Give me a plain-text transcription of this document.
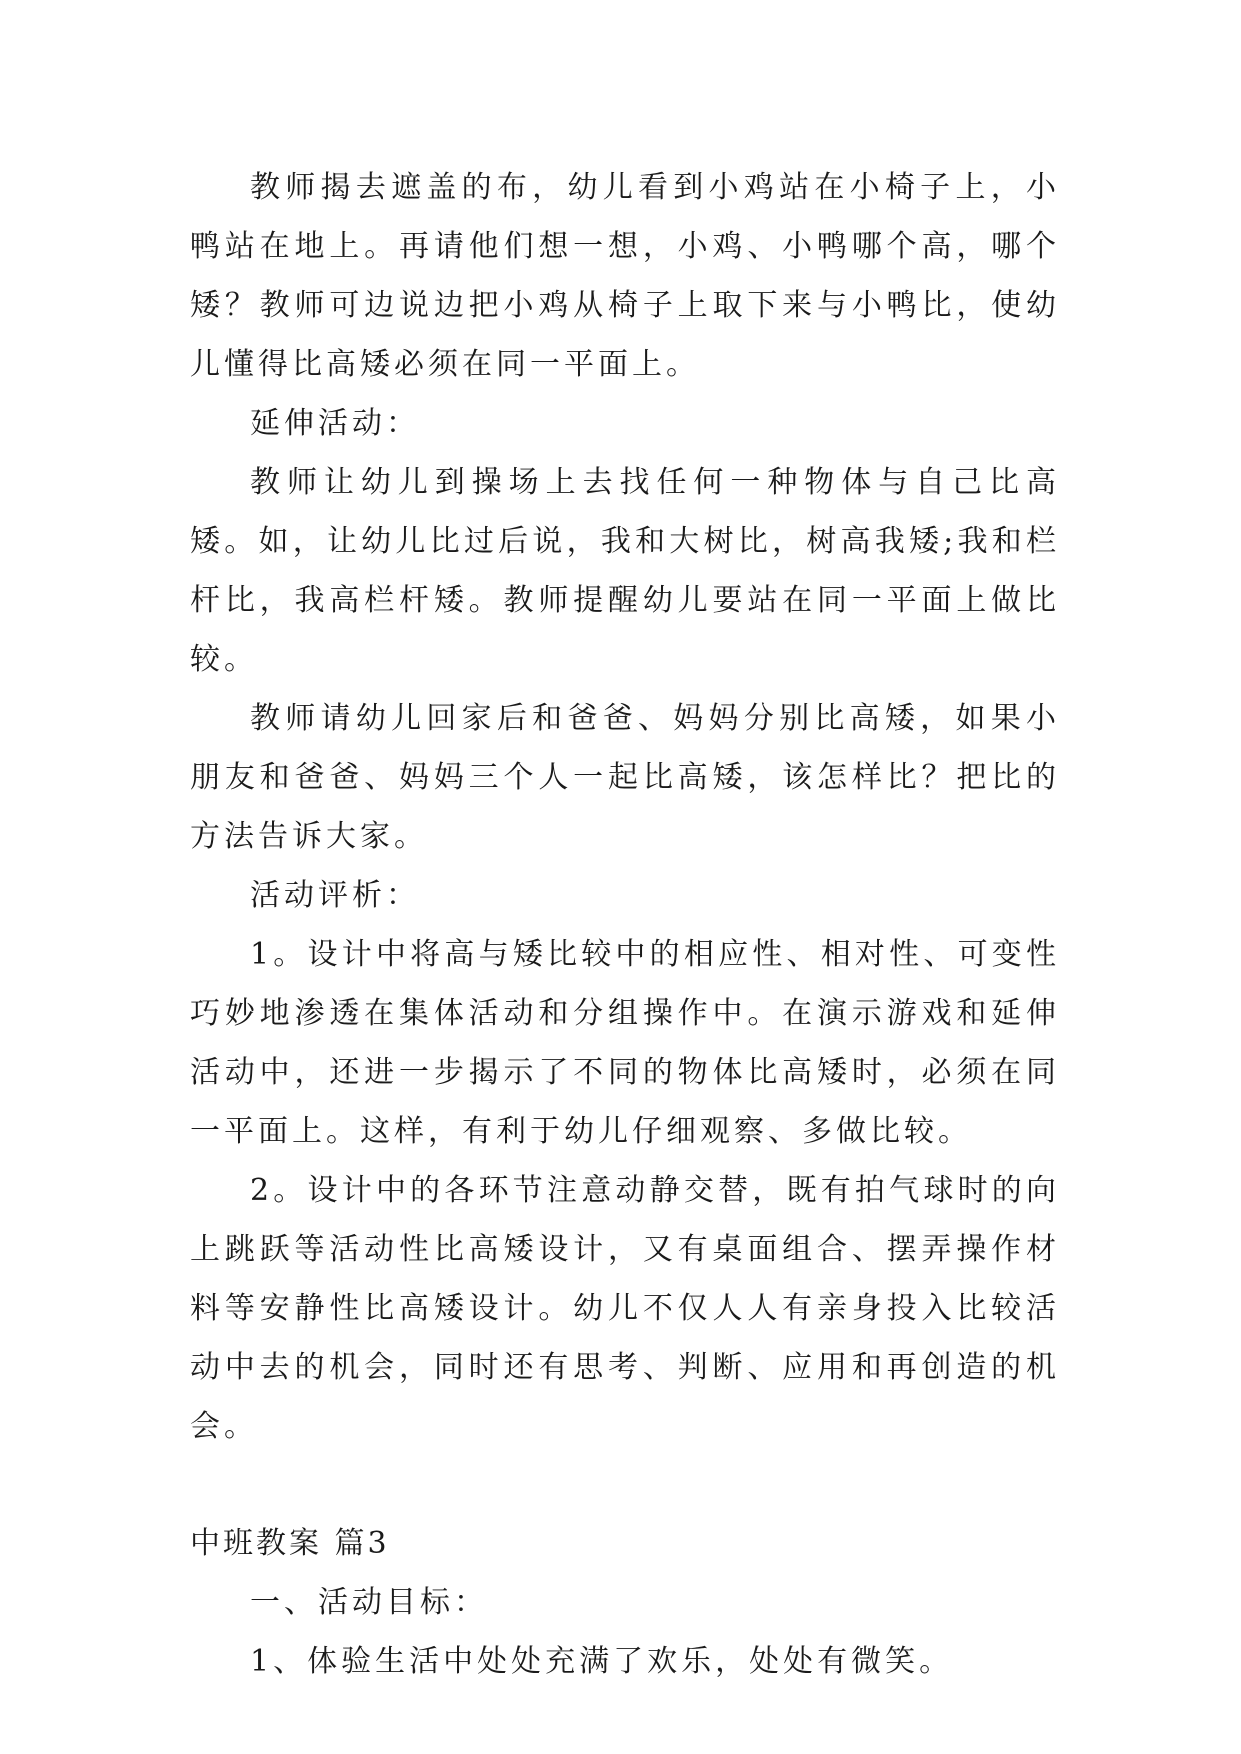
教师揭去遮盖的布，幼儿看到小鸡站在小椅子上，小鸭站在地上。再请他们想一想，小鸡、小鸭哪个高，哪个矮？教师可边说边把小鸡从椅子上取下来与小鸭比，使幼儿懂得比高矮必须在同一平面上。

延伸活动：

教师让幼儿到操场上去找任何一种物体与自己比高矮。如，让幼儿比过后说，我和大树比，树高我矮;我和栏杆比，我高栏杆矮。教师提醒幼儿要站在同一平面上做比较。

教师请幼儿回家后和爸爸、妈妈分别比高矮，如果小朋友和爸爸、妈妈三个人一起比高矮，该怎样比？把比的方法告诉大家。

活动评析：

1。设计中将高与矮比较中的相应性、相对性、可变性巧妙地渗透在集体活动和分组操作中。在演示游戏和延伸活动中，还进一步揭示了不同的物体比高矮时，必须在同一平面上。这样，有利于幼儿仔细观察、多做比较。

2。设计中的各环节注意动静交替，既有拍气球时的向上跳跃等活动性比高矮设计，又有桌面组合、摆弄操作材料等安静性比高矮设计。幼儿不仅人人有亲身投入比较活动中去的机会，同时还有思考、判断、应用和再创造的机会。

中班教案 篇3

一、活动目标：

1、体验生活中处处充满了欢乐，处处有微笑。
